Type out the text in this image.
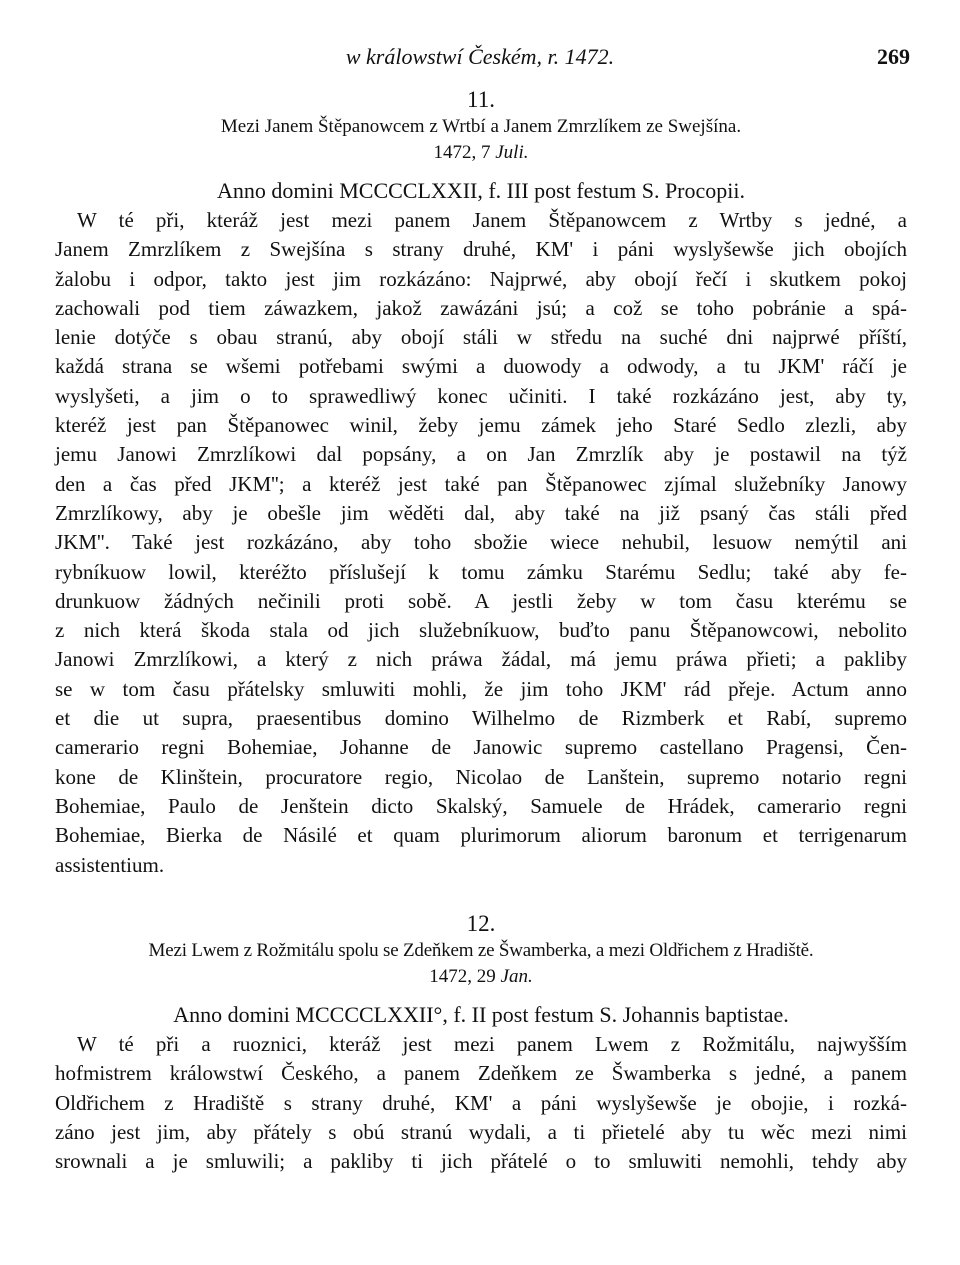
w králowstwí Českém, r. 1472.	269
11.
Mezi Janem Štěpanowcem z Wrtbí a Janem Zmrzlíkem ze Swejšína.
1472, 7 Juli.
Anno domini MCCCCLXXII, f. III post festum S. Procopii.
W té při, kteráž jest mezi panem Janem Štěpanowcem z Wrtby s jedné, a
Janem Zmrzlíkem z Swejšína s strany druhé, KM' i páni wyslyšewše jich obojích
žalobu i odpor, takto jest jim rozkázáno: Najprwé, aby obojí řečí i skutkem pokoj
zachowali pod tiem záwazkem, jakož zawázáni jsú; a což se toho pobránie a spá-
lenie dotýče s obau stranú, aby obojí stáli w středu na suché dni najprwé příští,
každá strana se wšemi potřebami swými a duowody a odwody, a tu JKM' ráčí je
wyslyšeti, a jim o to sprawedliwý konec učiniti. I také rozkázáno jest, aby ty,
kteréž jest pan Štěpanowec winil, žeby jemu zámek jeho Staré Sedlo zlezli, aby
jemu Janowi Zmrzlíkowi dal popsány, a on Jan Zmrzlík aby je postawil na týž
den a čas před JKM''; a kteréž jest také pan Štěpanowec zjímal služebníky Janowy
Zmrzlíkowy, aby je obešle jim wěděti dal, aby také na již psaný čas stáli před
JKM''. Také jest rozkázáno, aby toho sbožie wiece nehubil, lesuow nemýtil ani
rybníkuow lowil, kteréžto příslušejí k tomu zámku Starému Sedlu; také aby fe-
drunkuow žádných nečinili proti sobě. A jestli žeby w tom času kterému se
z nich která škoda stala od jich služebníkuow, buďto panu Štěpanowcowi, nebolito
Janowi Zmrzlíkowi, a který z nich práwa žádal, má jemu práwa přieti; a pakliby
se w tom času přátelsky smluwiti mohli, že jim toho JKM' rád přeje. Actum anno
et die ut supra, praesentibus domino Wilhelmo de Rizmberk et Rabí, supremo
camerario regni Bohemiae, Johanne de Janowic supremo castellano Pragensi, Čen-
kone de Klinštein, procuratore regio, Nicolao de Lanštein, supremo notario regni
Bohemiae, Paulo de Jenštein dicto Skalský, Samuele de Hrádek, camerario regni
Bohemiae, Bierka de Násilé et quam plurimorum aliorum baronum et terrigenarum
assistentium.
12.
Mezi Lwem z Rožmitálu spolu se Zdeňkem ze Šwamberka, a mezi Oldřichem z Hradiště.
1472, 29 Jan.
Anno domini MCCCCLXXII°, f. II post festum S. Johannis baptistae.
W té při a ruoznici, kteráž jest mezi panem Lwem z Rožmitálu, najwyšším
hofmistrem králowstwí Českého, a panem Zdeňkem ze Šwamberka s jedné, a panem
Oldřichem z Hradiště s strany druhé, KM' a páni wyslyšewše je obojie, i rozká-
záno jest jim, aby přátely s obú stranú wydali, a ti přietelé aby tu wěc mezi nimi
srownali a je smluwili; a pakliby ti jich přátelé o to smluwiti nemohli, tehdy aby
